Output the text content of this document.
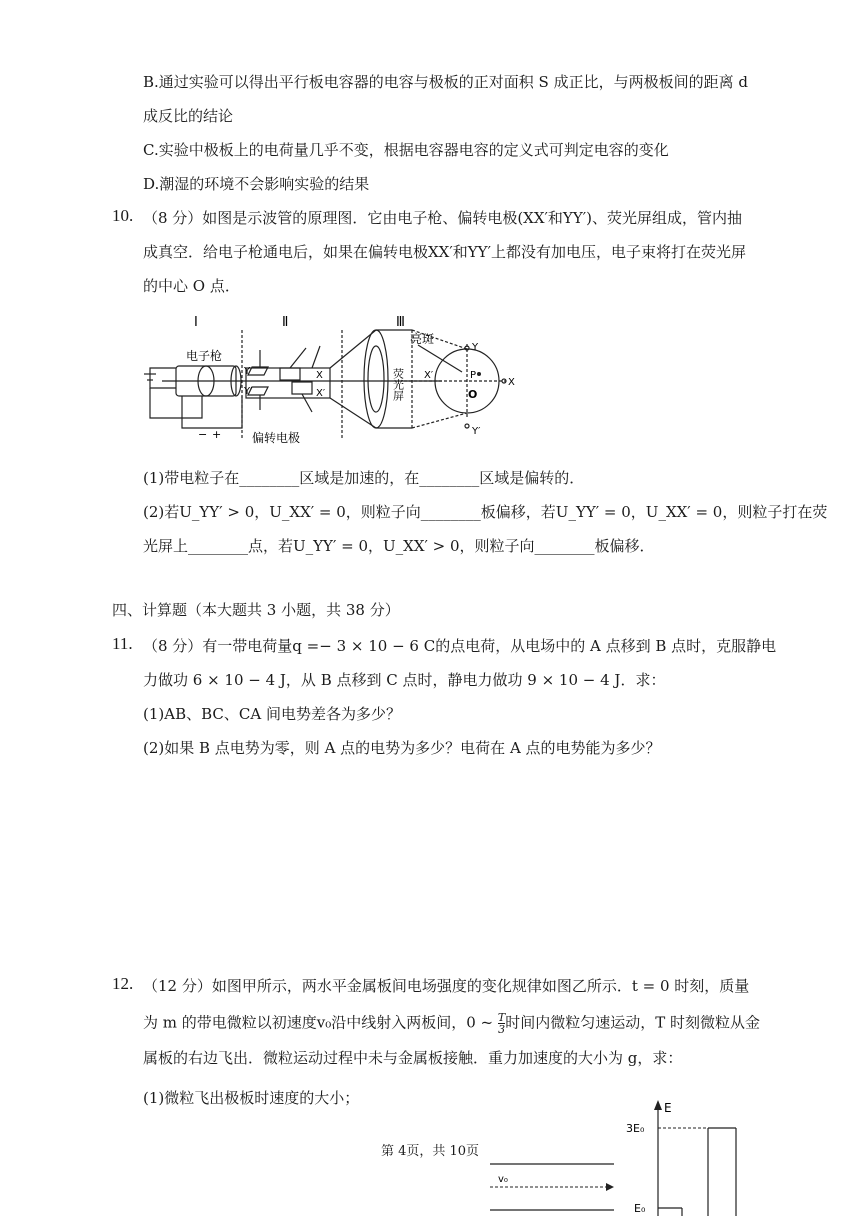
B.通过实验可以得出平行板电容器的电容与极板的正对面积 S 成正比，与两极板间的距离 d
成反比的结论
C.实验中极板上的电荷量几乎不变，根据电容器电容的定义式可判定电容的变化
D.潮湿的环境不会影响实验的结果
10. （8 分）如图是示波管的原理图．它由电子枪、偏转电极(XX′和YY′)、荧光屏组成，管内抽
成真空．给电子枪通电后，如果在偏转电极XX′和YY′上都没有加电压，电子束将打在荧光屏
的中心 O 点．
Ⅰ	Ⅱ	Ⅲ
电子枪
偏转电极
亮斑
荧光屏
Y
Y′
X
X′
Y
Y′
X
X′	P
O
− +
(1)带电粒子在________区域是加速的，在________区域是偏转的．
(2)若U_YY′ > 0，U_XX′ = 0，则粒子向________板偏移，若U_YY′ = 0，U_XX′ = 0，则粒子打在荧
光屏上________点，若U_YY′ = 0，U_XX′ > 0，则粒子向________板偏移．
四、计算题（本大题共 3 小题，共 38 分）
11. （8 分）有一带电荷量q =− 3 × 10 − 6 C的点电荷，从电场中的 A 点移到 B 点时，克服静电
力做功 6 × 10 − 4 J，从 B 点移到 C 点时，静电力做功 9 × 10 − 4 J．求：
(1)AB、BC、CA 间电势差各为多少？
(2)如果 B 点电势为零，则 A 点的电势为多少？电荷在 A 点的电势能为多少？
12. （12 分）如图甲所示，两水平金属板间电场强度的变化规律如图乙所示．t = 0 时刻，质量
为 m 的带电微粒以初速度v₀沿中线射入两板间，0 ~ $\frac{T}{3}$ 时间内微粒匀速运动，T 时刻微粒从金
属板的右边飞出．微粒运动过程中未与金属板接触．重力加速度的大小为 g，求：
(1)微粒飞出极板时速度的大小；
v₀
E
3E₀
E₀
第 4页，共 10页
